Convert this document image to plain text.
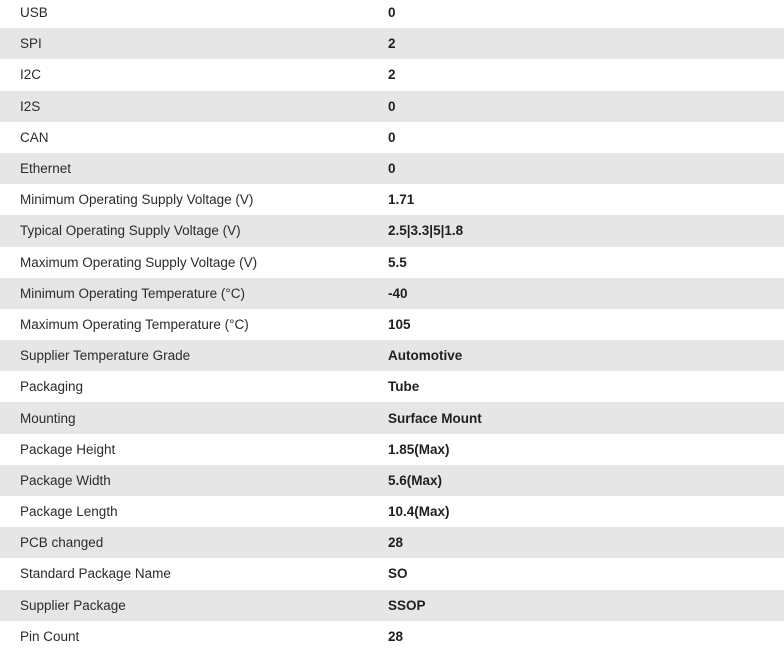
USB	0
SPI	2
I2C	2
I2S	0
CAN	0
Ethernet	0
Minimum Operating Supply Voltage (V)	1.71
Typical Operating Supply Voltage (V)	2.5|3.3|5|1.8
Maximum Operating Supply Voltage (V)	5.5
Minimum Operating Temperature (°C)	-40
Maximum Operating Temperature (°C)	105
Supplier Temperature Grade	Automotive
Packaging	Tube
Mounting	Surface Mount
Package Height	1.85(Max)
Package Width	5.6(Max)
Package Length	10.4(Max)
PCB changed	28
Standard Package Name	SO
Supplier Package	SSOP
Pin Count	28
